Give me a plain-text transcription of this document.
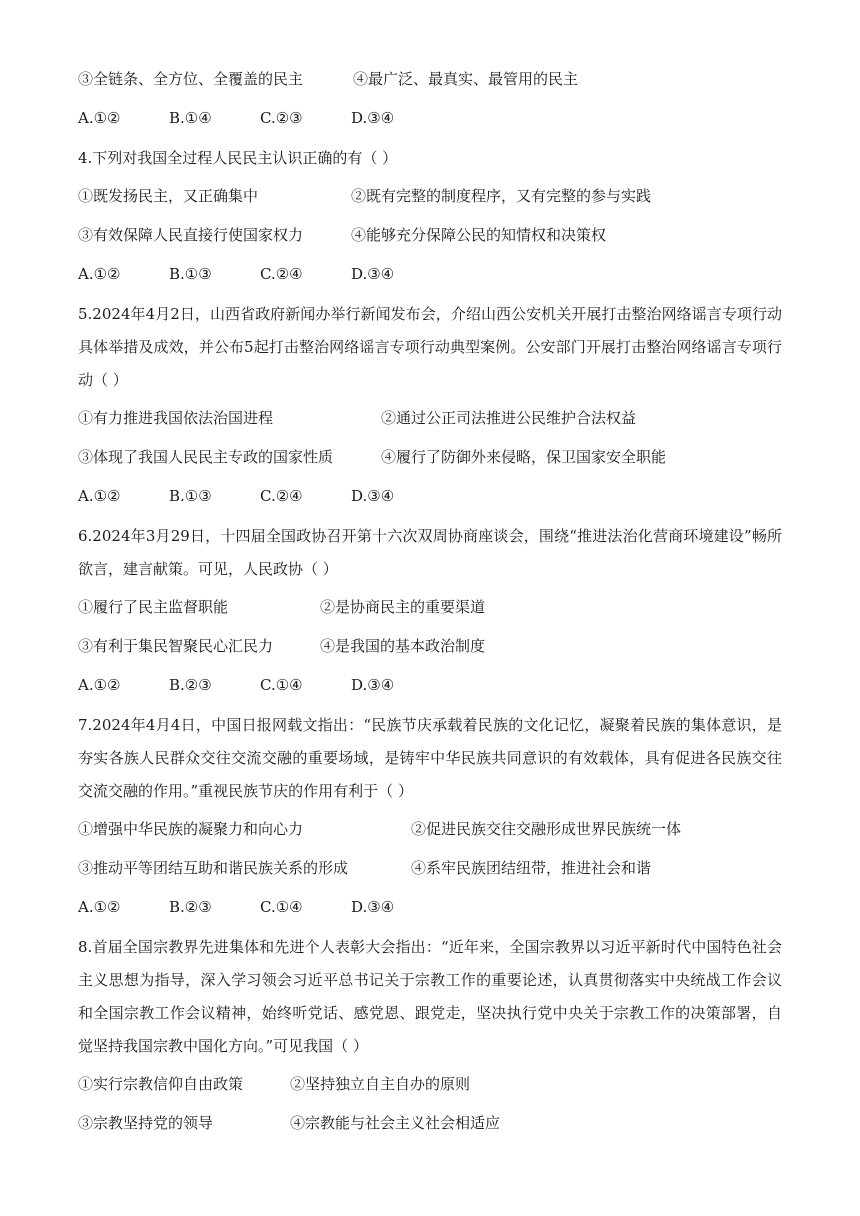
③全链条、全方位、全覆盖的民主	④最广泛、最真实、最管用的民主
A.①②	B.①④	C.②③	D.③④
4.下列对我国全过程人民民主认识正确的有（ ）
①既发扬民主，又正确集中	②既有完整的制度程序，又有完整的参与实践
③有效保障人民直接行使国家权力	④能够充分保障公民的知情权和决策权
A.①②	B.①③	C.②④	D.③④
5.2024年4月2日，山西省政府新闻办举行新闻发布会，介绍山西公安机关开展打击整治网络谣言专项行动具体举措及成效，并公布5起打击整治网络谣言专项行动典型案例。公安部门开展打击整治网络谣言专项行动（ ）
①有力推进我国依法治国进程	②通过公正司法推进公民维护合法权益
③体现了我国人民民主专政的国家性质	④履行了防御外来侵略，保卫国家安全职能
A.①②	B.①③	C.②④	D.③④
6.2024年3月29日，十四届全国政协召开第十六次双周协商座谈会，围绕“推进法治化营商环境建设”畅所欲言，建言献策。可见，人民政协（ ）
①履行了民主监督职能	②是协商民主的重要渠道
③有利于集民智聚民心汇民力	④是我国的基本政治制度
A.①②	B.②③	C.①④	D.③④
7.2024年4月4日，中国日报网载文指出：“民族节庆承载着民族的文化记忆，凝聚着民族的集体意识，是夯实各族人民群众交往交流交融的重要场域，是铸牢中华民族共同意识的有效载体，具有促进各民族交往交流交融的作用。”重视民族节庆的作用有利于（ ）
①增强中华民族的凝聚力和向心力	②促进民族交往交融形成世界民族统一体
③推动平等团结互助和谐民族关系的形成	④系牢民族团结纽带，推进社会和谐
A.①②	B.②③	C.①④	D.③④
8.首届全国宗教界先进集体和先进个人表彰大会指出：“近年来，全国宗教界以习近平新时代中国特色社会主义思想为指导，深入学习领会习近平总书记关于宗教工作的重要论述，认真贯彻落实中央统战工作会议和全国宗教工作会议精神，始终听党话、感党恩、跟党走，坚决执行党中央关于宗教工作的决策部署，自觉坚持我国宗教中国化方向。”可见我国（ ）
①实行宗教信仰自由政策	②坚持独立自主自办的原则
③宗教坚持党的领导	④宗教能与社会主义社会相适应
